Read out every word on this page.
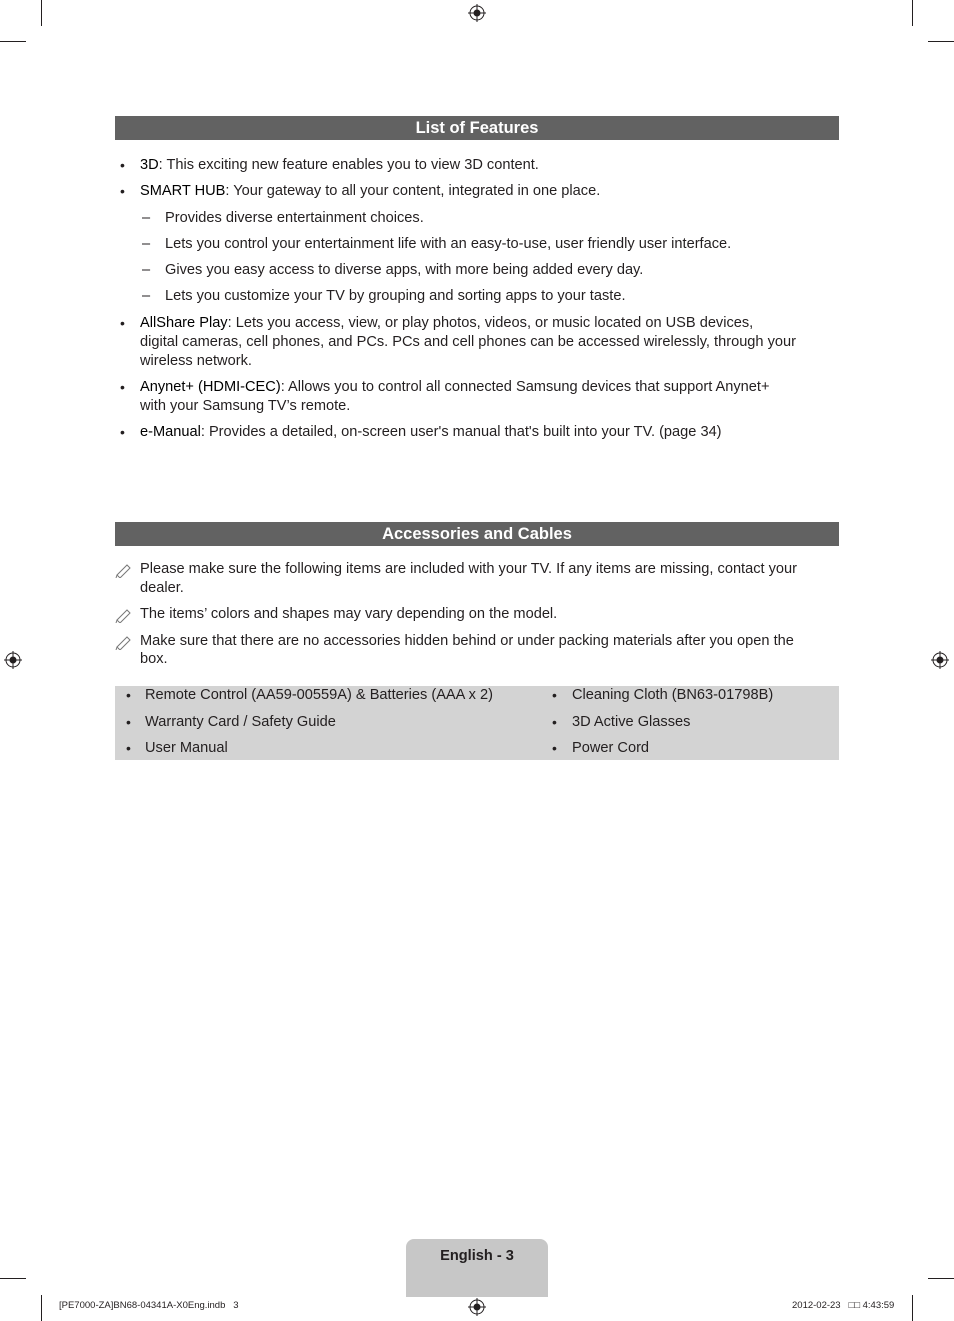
List of Features
• 3D: This exciting new feature enables you to view 3D content.
• SMART HUB: Your gateway to all your content, integrated in one place.
– Provides diverse entertainment choices.
– Lets you control your entertainment life with an easy-to-use, user friendly user interface.
– Gives you easy access to diverse apps, with more being added every day.
– Lets you customize your TV by grouping and sorting apps to your taste.
• AllShare Play: Lets you access, view, or play photos, videos, or music located on USB devices,
digital cameras, cell phones, and PCs. PCs and cell phones can be accessed wirelessly, through your
wireless network.
• Anynet+ (HDMI-CEC): Allows you to control all connected Samsung devices that support Anynet+
with your Samsung TV’s remote.
• e-Manual: Provides a detailed, on-screen user's manual that's built into your TV. (page 34)
Accessories and Cables
Please make sure the following items are included with your TV. If any items are missing, contact your
dealer.
The items’ colors and shapes may vary depending on the model.
Make sure that there are no accessories hidden behind or under packing materials after you open the
box.
• Remote Control (AA59-00559A) & Batteries (AAA x 2)
• Warranty Card / Safety Guide
• User Manual
• Cleaning Cloth (BN63-01798B)
• 3D Active Glasses
• Power Cord
English - 3
[PE7000-ZA]BN68-04341A-X0Eng.indb   3	2012-02-23   □□ 4:43:59
